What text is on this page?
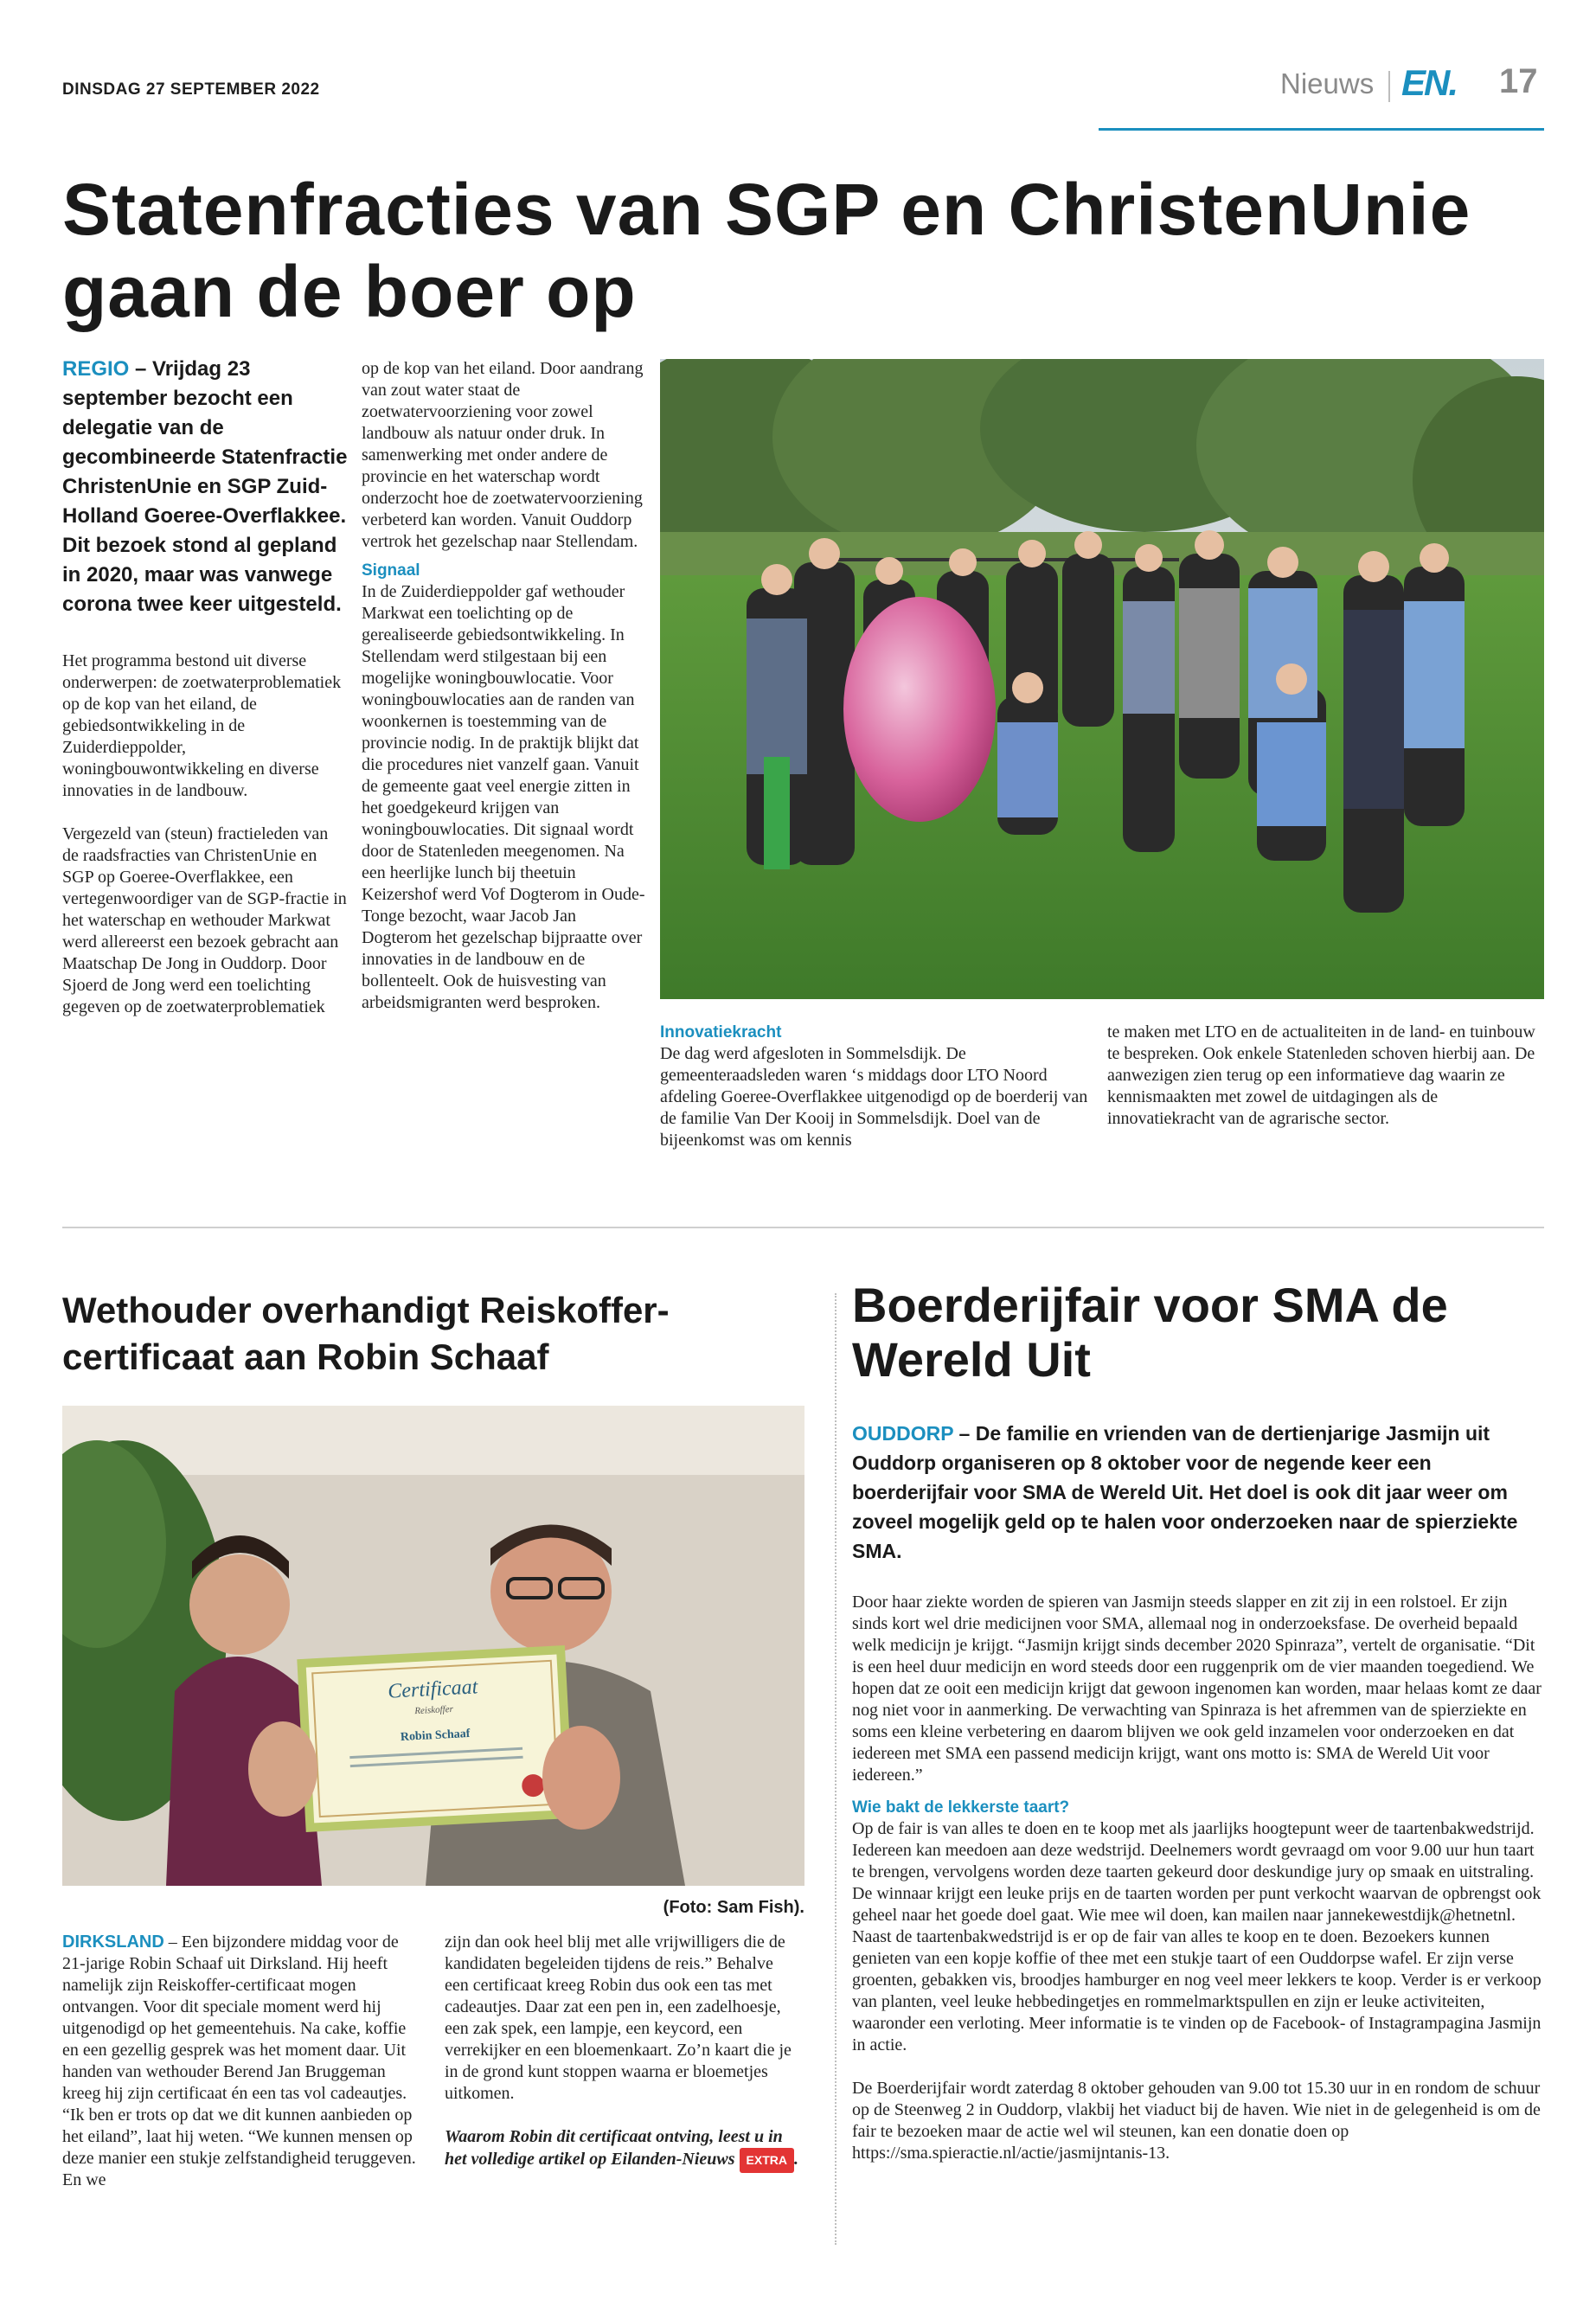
DINSDAG 27 SEPTEMBER 2022	Nieuws EN. 17
Statenfracties van SGP en ChristenUnie gaan de boer op
REGIO – Vrijdag 23 september bezocht een delegatie van de gecombineerde Statenfractie ChristenUnie en SGP Zuid-Holland Goeree-Overflakkee. Dit bezoek stond al gepland in 2020, maar was vanwege corona twee keer uitgesteld.

Het programma bestond uit diverse onderwerpen: de zoetwaterproblematiek op de kop van het eiland, de gebiedsontwikkeling in de Zuiderdieppolder, woningbouwontwikkeling en diverse innovaties in de landbouw.

Vergezeld van (steun) fractieleden van de raadsfracties van ChristenUnie en SGP op Goeree-Overflakkee, een vertegenwoordiger van de SGP-fractie in het waterschap en wethouder Markwat werd allereerst een bezoek gebracht aan Maatschap De Jong in Ouddorp. Door Sjoerd de Jong werd een toelichting gegeven op de zoetwaterproblematiek

op de kop van het eiland. Door aandrang van zout water staat de zoetwatervoorziening voor zowel landbouw als natuur onder druk. In samenwerking met onder andere de provincie en het waterschap wordt onderzocht hoe de zoetwatervoorziening verbeterd kan worden. Vanuit Ouddorp vertrok het gezelschap naar Stellendam.

Signaal

In de Zuiderdieppolder gaf wethouder Markwat een toelichting op de gerealiseerde gebiedsontwikkeling. In Stellendam werd stilgestaan bij een mogelijke woningbouwlocatie. Voor woningbouwlocaties aan de randen van woonkernen is toestemming van de provincie nodig. In de praktijk blijkt dat die procedures niet vanzelf gaan. Vanuit de gemeente gaat veel energie zitten in het goedgekeurd krijgen van woningbouwlocaties. Dit signaal wordt door de Statenleden meegenomen. Na een heerlijke lunch bij theetuin Keizershof werd Vof Dogterom in Oude-Tonge bezocht, waar Jacob Jan Dogterom het gezelschap bijpraatte over innovaties in de landbouw en de bollenteelt. Ook de huisvesting van arbeidsmigranten werd besproken.

Innovatiekracht

De dag werd afgesloten in Sommelsdijk. De gemeenteraadsleden waren ‘s middags door LTO Noord afdeling Goeree-Overflakkee uitgenodigd op de boerderij van de familie Van Der Kooij in Sommelsdijk. Doel van de bijeenkomst was om kennis

te maken met LTO en de actualiteiten in de land- en tuinbouw te bespreken. Ook enkele Statenleden schoven hierbij aan. De aanwezigen zien terug op een informatieve dag waarin ze kennismaakten met zowel de uitdagingen als de innovatiekracht van de agrarische sector.

Wethouder overhandigt Reiskoffer-certificaat aan Robin Schaaf
Certificaat
Reiskoffer
Robin Schaaf
(Foto: Sam Fish).

DIRKSLAND – Een bijzondere middag voor de 21-jarige Robin Schaaf uit Dirksland. Hij heeft namelijk zijn Reiskoffer-certificaat mogen ontvangen. Voor dit speciale moment werd hij uitgenodigd op het gemeentehuis. Na cake, koffie en een gezellig gesprek was het moment daar. Uit handen van wethouder Berend Jan Bruggeman kreeg hij zijn certificaat én een tas vol cadeautjes. “Ik ben er trots op dat we dit kunnen aanbieden op het eiland”, laat hij weten. “We kunnen mensen op deze manier een stukje zelfstandigheid teruggeven. En we

zijn dan ook heel blij met alle vrijwilligers die de kandidaten begeleiden tijdens de reis.” Behalve een certificaat kreeg Robin dus ook een tas met cadeautjes. Daar zat een pen in, een zadelhoesje, een zak spek, een lampje, een keycord, een verrekijker en een bloemenkaart. Zo’n kaart die je in de grond kunt stoppen waarna er bloemetjes uitkomen.

Waarom Robin dit certificaat ontving, leest u in het volledige artikel op Eilanden-Nieuws EXTRA .

Boerderijfair voor SMA de Wereld Uit
OUDDORP – De familie en vrienden van de dertienjarige Jasmijn uit Ouddorp organiseren op 8 oktober voor de negende keer een boerderijfair voor SMA de Wereld Uit. Het doel is ook dit jaar weer om zoveel mogelijk geld op te halen voor onderzoeken naar de spierziekte SMA.

Door haar ziekte worden de spieren van Jasmijn steeds slapper en zit zij in een rolstoel. Er zijn sinds kort wel drie medicijnen voor SMA, allemaal nog in onderzoeksfase. De overheid bepaald welk medicijn je krijgt. “Jasmijn krijgt sinds december 2020 Spinraza”, vertelt de organisatie. “Dit is een heel duur medicijn en word steeds door een ruggenprik om de vier maanden toegediend. We hopen dat ze ooit een medicijn krijgt dat gewoon ingenomen kan worden, maar helaas komt ze daar nog niet voor in aanmerking. De verwachting van Spinraza is het afremmen van de spierziekte en soms een kleine verbetering en daarom blijven we ook geld inzamelen voor onderzoeken en dat iedereen met SMA een passend medicijn krijgt, want ons motto is: SMA de Wereld Uit voor iedereen.”

Wie bakt de lekkerste taart?

Op de fair is van alles te doen en te koop met als jaarlijks hoogtepunt weer de taartenbakwedstrijd. Iedereen kan meedoen aan deze wedstrijd. Deelnemers wordt gevraagd om voor 9.00 uur hun taart te brengen, vervolgens worden deze taarten gekeurd door deskundige jury op smaak en uitstraling. De winnaar krijgt een leuke prijs en de taarten worden per punt verkocht waarvan de opbrengst ook geheel naar het goede doel gaat. Wie mee wil doen, kan mailen naar jannekewestdijk@hetnetnl. Naast de taartenbakwedstrijd is er op de fair van alles te koop en te doen. Bezoekers kunnen genieten van een kopje koffie of thee met een stukje taart of een Ouddorpse wafel. Er zijn verse groenten, gebakken vis, broodjes hamburger en nog veel meer lekkers te koop. Verder is er verkoop van planten, veel leuke hebbedingetjes en rommelmarktspullen en zijn er leuke activiteiten, waaronder een verloting. Meer informatie is te vinden op de Facebook- of Instagrampagina Jasmijn in actie.

De Boerderijfair wordt zaterdag 8 oktober gehouden van 9.00 tot 15.30 uur in en rondom de schuur op de Steenweg 2 in Ouddorp, vlakbij het viaduct bij de haven. Wie niet in de gelegenheid is om de fair te bezoeken maar de actie wel wil steunen, kan een donatie doen op https://sma.spieractie.nl/actie/jasmijntanis-13.
